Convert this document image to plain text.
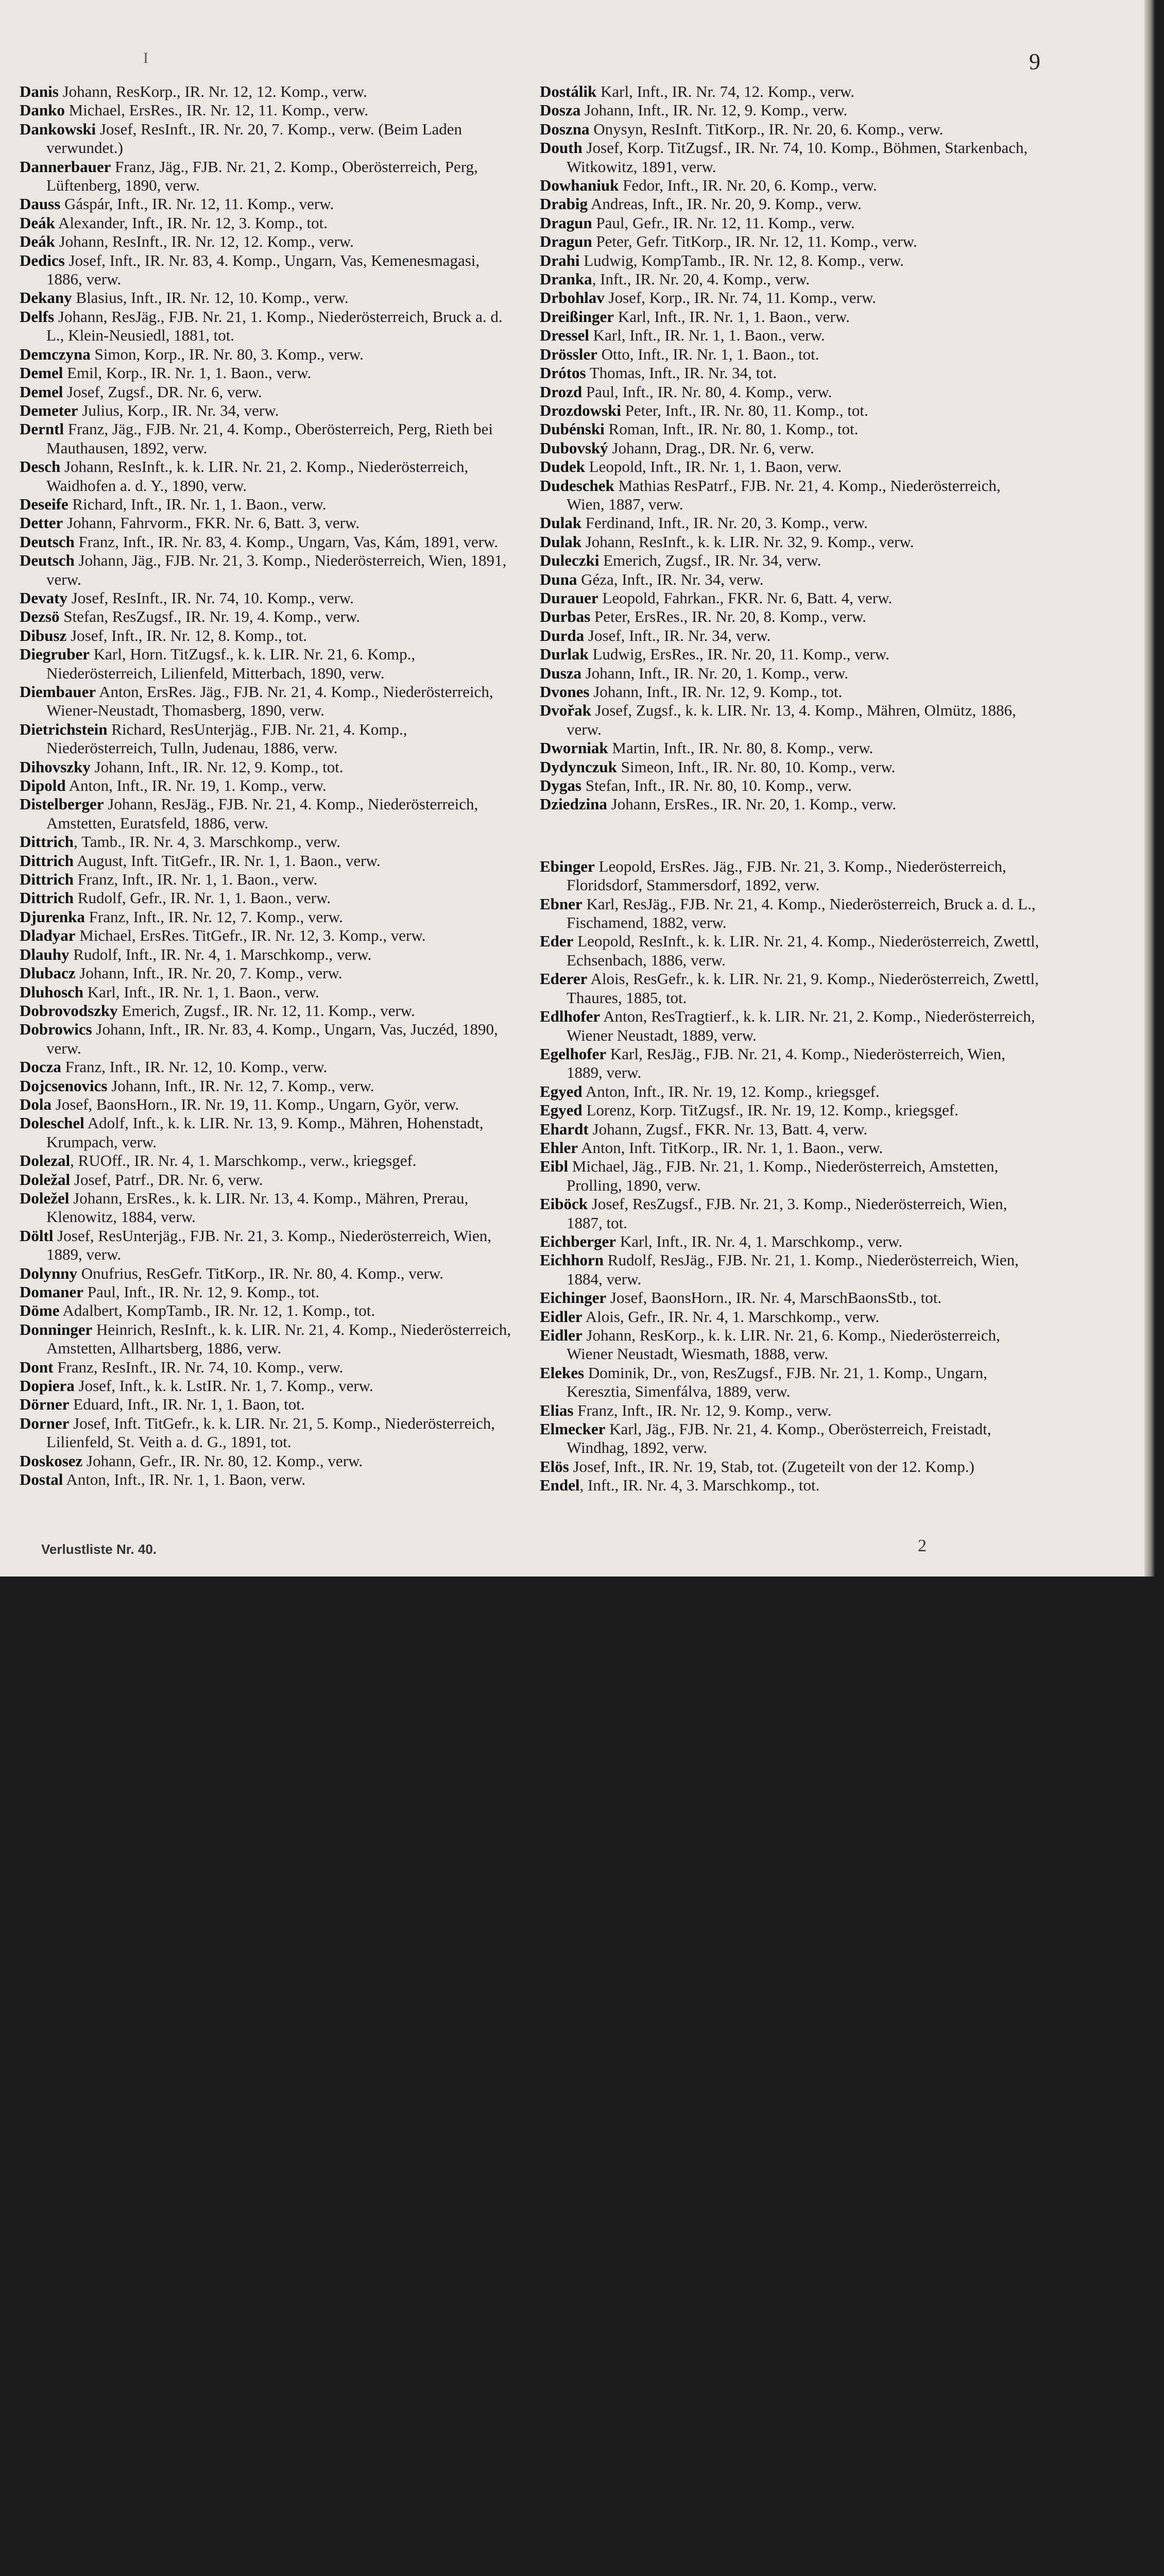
I	9
Danis Johann, ResKorp., IR. Nr. 12, 12. Komp., verw.
Danko Michael, ErsRes., IR. Nr. 12, 11. Komp., verw.
Dankowski Josef, ResInft., IR. Nr. 20, 7. Komp., verw. (Beim Laden verwundet.)
Dannerbauer Franz, Jäg., FJB. Nr. 21, 2. Komp., Oberösterreich, Perg, Lüftenberg, 1890, verw.
Dauss Gáspár, Inft., IR. Nr. 12, 11. Komp., verw.
Deák Alexander, Inft., IR. Nr. 12, 3. Komp., tot.
Deák Johann, ResInft., IR. Nr. 12, 12. Komp., verw.
Dedics Josef, Inft., IR. Nr. 83, 4. Komp., Ungarn, Vas, Kemenesmagasi, 1886, verw.
Dekany Blasius, Inft., IR. Nr. 12, 10. Komp., verw.
Delfs Johann, ResJäg., FJB. Nr. 21, 1. Komp., Niederösterreich, Bruck a. d. L., Klein-Neusiedl, 1881, tot.
Demczyna Simon, Korp., IR. Nr. 80, 3. Komp., verw.
Demel Emil, Korp., IR. Nr. 1, 1. Baon., verw.
Demel Josef, Zugsf., DR. Nr. 6, verw.
Demeter Julius, Korp., IR. Nr. 34, verw.
Derntl Franz, Jäg., FJB. Nr. 21, 4. Komp., Oberösterreich, Perg, Rieth bei Mauthausen, 1892, verw.
Desch Johann, ResInft., k. k. LIR. Nr. 21, 2. Komp., Niederösterreich, Waidhofen a. d. Y., 1890, verw.
Deseife Richard, Inft., IR. Nr. 1, 1. Baon., verw.
Detter Johann, Fahrvorm., FKR. Nr. 6, Batt. 3, verw.
Deutsch Franz, Inft., IR. Nr. 83, 4. Komp., Ungarn, Vas, Kám, 1891, verw.
Deutsch Johann, Jäg., FJB. Nr. 21, 3. Komp., Niederösterreich, Wien, 1891, verw.
Devaty Josef, ResInft., IR. Nr. 74, 10. Komp., verw.
Dezsö Stefan, ResZugsf., IR. Nr. 19, 4. Komp., verw.
Dibusz Josef, Inft., IR. Nr. 12, 8. Komp., tot.
Diegruber Karl, Horn. TitZugsf., k. k. LIR. Nr. 21, 6. Komp., Niederösterreich, Lilienfeld, Mitterbach, 1890, verw.
Diembauer Anton, ErsRes. Jäg., FJB. Nr. 21, 4. Komp., Niederösterreich, Wiener-Neustadt, Thomasberg, 1890, verw.
Dietrichstein Richard, ResUnterjäg., FJB. Nr. 21, 4. Komp., Niederösterreich, Tulln, Judenau, 1886, verw.
Dihovszky Johann, Inft., IR. Nr. 12, 9. Komp., tot.
Dipold Anton, Inft., IR. Nr. 19, 1. Komp., verw.
Distelberger Johann, ResJäg., FJB. Nr. 21, 4. Komp., Niederösterreich, Amstetten, Euratsfeld, 1886, verw.
Dittrich, Tamb., IR. Nr. 4, 3. Marschkomp., verw.
Dittrich August, Inft. TitGefr., IR. Nr. 1, 1. Baon., verw.
Dittrich Franz, Inft., IR. Nr. 1, 1. Baon., verw.
Dittrich Rudolf, Gefr., IR. Nr. 1, 1. Baon., verw.
Djurenka Franz, Inft., IR. Nr. 12, 7. Komp., verw.
Dladyar Michael, ErsRes. TitGefr., IR. Nr. 12, 3. Komp., verw.
Dlauhy Rudolf, Inft., IR. Nr. 4, 1. Marschkomp., verw.
Dlubacz Johann, Inft., IR. Nr. 20, 7. Komp., verw.
Dluhosch Karl, Inft., IR. Nr. 1, 1. Baon., verw.
Dobrovodszky Emerich, Zugsf., IR. Nr. 12, 11. Komp., verw.
Dobrowics Johann, Inft., IR. Nr. 83, 4. Komp., Ungarn, Vas, Juczéd, 1890, verw.
Docza Franz, Inft., IR. Nr. 12, 10. Komp., verw.
Dojcsenovics Johann, Inft., IR. Nr. 12, 7. Komp., verw.
Dola Josef, BaonsHorn., IR. Nr. 19, 11. Komp., Ungarn, Györ, verw.
Doleschel Adolf, Inft., k. k. LIR. Nr. 13, 9. Komp., Mähren, Hohenstadt, Krumpach, verw.
Dolezal, RUOff., IR. Nr. 4, 1. Marschkomp., verw., kriegsgef.
Doležal Josef, Patrf., DR. Nr. 6, verw.
Doležel Johann, ErsRes., k. k. LIR. Nr. 13, 4. Komp., Mähren, Prerau, Klenowitz, 1884, verw.
Döltl Josef, ResUnterjäg., FJB. Nr. 21, 3. Komp., Niederösterreich, Wien, 1889, verw.
Dolynny Onufrius, ResGefr. TitKorp., IR. Nr. 80, 4. Komp., verw.
Domaner Paul, Inft., IR. Nr. 12, 9. Komp., tot.
Döme Adalbert, KompTamb., IR. Nr. 12, 1. Komp., tot.
Donninger Heinrich, ResInft., k. k. LIR. Nr. 21, 4. Komp., Niederösterreich, Amstetten, Allhartsberg, 1886, verw.
Dont Franz, ResInft., IR. Nr. 74, 10. Komp., verw.
Dopiera Josef, Inft., k. k. LstIR. Nr. 1, 7. Komp., verw.
Dörner Eduard, Inft., IR. Nr. 1, 1. Baon, tot.
Dorner Josef, Inft. TitGefr., k. k. LIR. Nr. 21, 5. Komp., Niederösterreich, Lilienfeld, St. Veith a. d. G., 1891, tot.
Doskosez Johann, Gefr., IR. Nr. 80, 12. Komp., verw.
Dostal Anton, Inft., IR. Nr. 1, 1. Baon, verw.
Dostálik Karl, Inft., IR. Nr. 74, 12. Komp., verw.
Dosza Johann, Inft., IR. Nr. 12, 9. Komp., verw.
Doszna Onysyn, ResInft. TitKorp., IR. Nr. 20, 6. Komp., verw.
Douth Josef, Korp. TitZugsf., IR. Nr. 74, 10. Komp., Böhmen, Starkenbach, Witkowitz, 1891, verw.
Dowhaniuk Fedor, Inft., IR. Nr. 20, 6. Komp., verw.
Drabig Andreas, Inft., IR. Nr. 20, 9. Komp., verw.
Dragun Paul, Gefr., IR. Nr. 12, 11. Komp., verw.
Dragun Peter, Gefr. TitKorp., IR. Nr. 12, 11. Komp., verw.
Drahi Ludwig, KompTamb., IR. Nr. 12, 8. Komp., verw.
Dranka, Inft., IR. Nr. 20, 4. Komp., verw.
Drbohlav Josef, Korp., IR. Nr. 74, 11. Komp., verw.
Dreißinger Karl, Inft., IR. Nr. 1, 1. Baon., verw.
Dressel Karl, Inft., IR. Nr. 1, 1. Baon., verw.
Drössler Otto, Inft., IR. Nr. 1, 1. Baon., tot.
Drótos Thomas, Inft., IR. Nr. 34, tot.
Drozd Paul, Inft., IR. Nr. 80, 4. Komp., verw.
Drozdowski Peter, Inft., IR. Nr. 80, 11. Komp., tot.
Dubénski Roman, Inft., IR. Nr. 80, 1. Komp., tot.
Dubovský Johann, Drag., DR. Nr. 6, verw.
Dudek Leopold, Inft., IR. Nr. 1, 1. Baon, verw.
Dudeschek Mathias ResPatrf., FJB. Nr. 21, 4. Komp., Niederösterreich, Wien, 1887, verw.
Dulak Ferdinand, Inft., IR. Nr. 20, 3. Komp., verw.
Dulak Johann, ResInft., k. k. LIR. Nr. 32, 9. Komp., verw.
Duleczki Emerich, Zugsf., IR. Nr. 34, verw.
Duna Géza, Inft., IR. Nr. 34, verw.
Durauer Leopold, Fahrkan., FKR. Nr. 6, Batt. 4, verw.
Durbas Peter, ErsRes., IR. Nr. 20, 8. Komp., verw.
Durda Josef, Inft., IR. Nr. 34, verw.
Durlak Ludwig, ErsRes., IR. Nr. 20, 11. Komp., verw.
Dusza Johann, Inft., IR. Nr. 20, 1. Komp., verw.
Dvones Johann, Inft., IR. Nr. 12, 9. Komp., tot.
Dvořak Josef, Zugsf., k. k. LIR. Nr. 13, 4. Komp., Mähren, Olmütz, 1886, verw.
Dworniak Martin, Inft., IR. Nr. 80, 8. Komp., verw.
Dydynczuk Simeon, Inft., IR. Nr. 80, 10. Komp., verw.
Dygas Stefan, Inft., IR. Nr. 80, 10. Komp., verw.
Dziedzina Johann, ErsRes., IR. Nr. 20, 1. Komp., verw.
Ebinger Leopold, ErsRes. Jäg., FJB. Nr. 21, 3. Komp., Niederösterreich, Floridsdorf, Stammersdorf, 1892, verw.
Ebner Karl, ResJäg., FJB. Nr. 21, 4. Komp., Niederösterreich, Bruck a. d. L., Fischamend, 1882, verw.
Eder Leopold, ResInft., k. k. LIR. Nr. 21, 4. Komp., Niederösterreich, Zwettl, Echsenbach, 1886, verw.
Ederer Alois, ResGefr., k. k. LIR. Nr. 21, 9. Komp., Niederösterreich, Zwettl, Thaures, 1885, tot.
Edlhofer Anton, ResTragtierf., k. k. LIR. Nr. 21, 2. Komp., Niederösterreich, Wiener Neustadt, 1889, verw.
Egelhofer Karl, ResJäg., FJB. Nr. 21, 4. Komp., Niederösterreich, Wien, 1889, verw.
Egyed Anton, Inft., IR. Nr. 19, 12. Komp., kriegsgef.
Egyed Lorenz, Korp. TitZugsf., IR. Nr. 19, 12. Komp., kriegsgef.
Ehardt Johann, Zugsf., FKR. Nr. 13, Batt. 4, verw.
Ehler Anton, Inft. TitKorp., IR. Nr. 1, 1. Baon., verw.
Eibl Michael, Jäg., FJB. Nr. 21, 1. Komp., Niederösterreich, Amstetten, Prolling, 1890, verw.
Eiböck Josef, ResZugsf., FJB. Nr. 21, 3. Komp., Niederösterreich, Wien, 1887, tot.
Eichberger Karl, Inft., IR. Nr. 4, 1. Marschkomp., verw.
Eichhorn Rudolf, ResJäg., FJB. Nr. 21, 1. Komp., Niederösterreich, Wien, 1884, verw.
Eichinger Josef, BaonsHorn., IR. Nr. 4, MarschBaonsStb., tot.
Eidler Alois, Gefr., IR. Nr. 4, 1. Marschkomp., verw.
Eidler Johann, ResKorp., k. k. LIR. Nr. 21, 6. Komp., Niederösterreich, Wiener Neustadt, Wiesmath, 1888, verw.
Elekes Dominik, Dr., von, ResZugsf., FJB. Nr. 21, 1. Komp., Ungarn, Keresztia, Simenfálva, 1889, verw.
Elias Franz, Inft., IR. Nr. 12, 9. Komp., verw.
Elmecker Karl, Jäg., FJB. Nr. 21, 4. Komp., Oberösterreich, Freistadt, Windhag, 1892, verw.
Elös Josef, Inft., IR. Nr. 19, Stab, tot. (Zugeteilt von der 12. Komp.)
Endel, Inft., IR. Nr. 4, 3. Marschkomp., tot.
Verlustliste Nr. 40.	2
